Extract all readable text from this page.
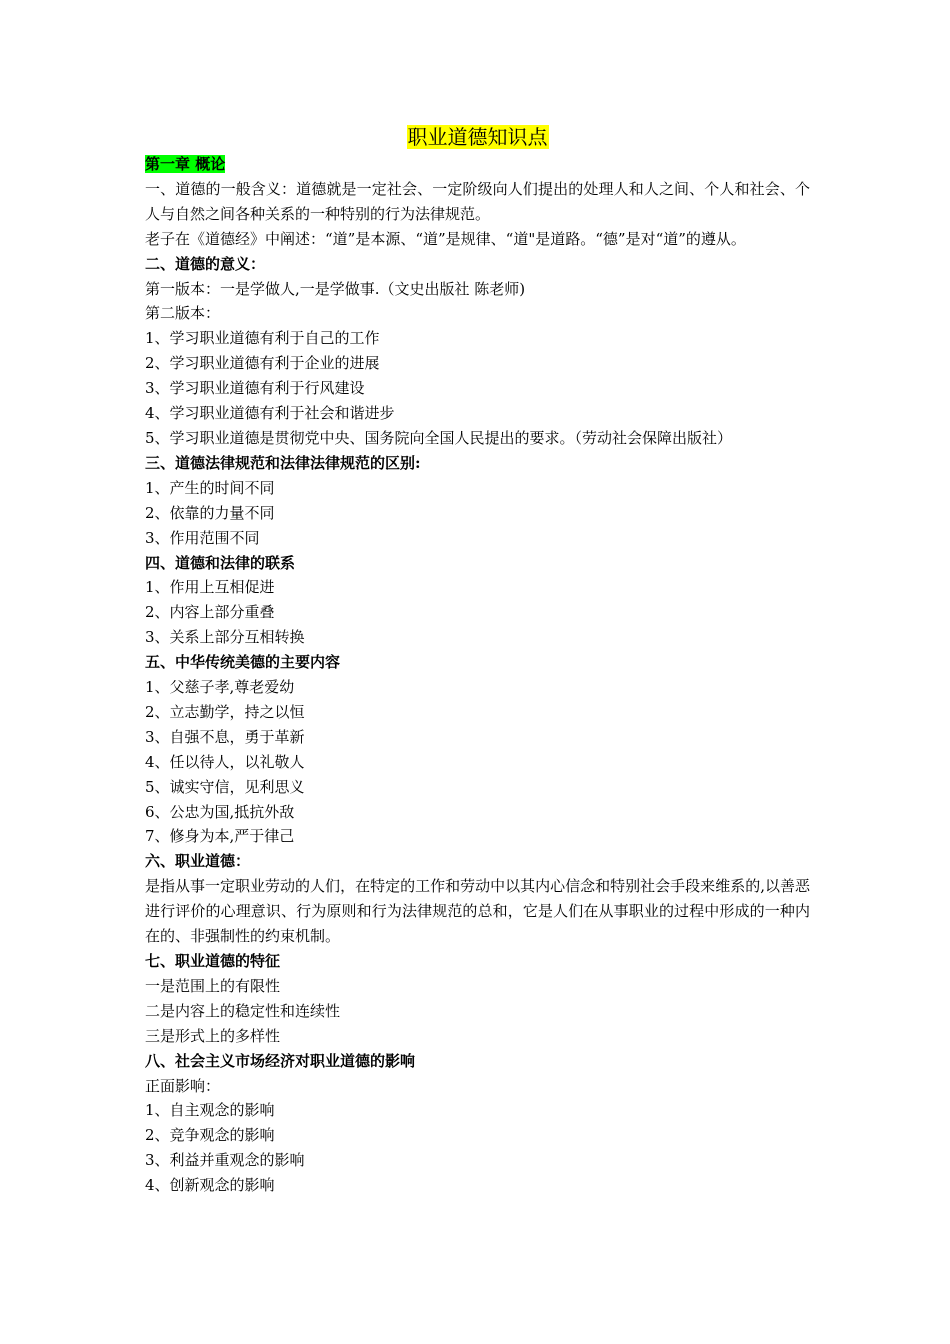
职业道德知识点
第一章 概论
一、道德的一般含义：道德就是一定社会、一定阶级向人们提出的处理人和人之间、个人和社会、个人与自然之间各种关系的一种特别的行为法律规范。
老子在《道德经》中阐述：“道”是本源、“道”是规律、“道"是道路。“德”是对“道”的遵从。
二、道德的意义：
第一版本：一是学做人,一是学做事.（文史出版社 陈老师)
第二版本：
1、学习职业道德有利于自己的工作
2、学习职业道德有利于企业的进展
3、学习职业道德有利于行风建设
4、学习职业道德有利于社会和谐进步
5、学习职业道德是贯彻党中央、国务院向全国人民提出的要求。（劳动社会保障出版社）
三、道德法律规范和法律法律规范的区别:
1、产生的时间不同
2、依靠的力量不同
3、作用范围不同
四、道德和法律的联系
1、作用上互相促进
2、内容上部分重叠
3、关系上部分互相转换
五、中华传统美德的主要内容
1、父慈子孝,尊老爱幼
2、立志勤学，持之以恒
3、自强不息，勇于革新
4、任以待人，以礼敬人
5、诚实守信，见利思义
6、公忠为国,抵抗外敌
7、修身为本,严于律己
六、职业道德：
是指从事一定职业劳动的人们，在特定的工作和劳动中以其内心信念和特别社会手段来维系的,以善恶进行评价的心理意识、行为原则和行为法律规范的总和，它是人们在从事职业的过程中形成的一种内在的、非强制性的约束机制。
七、职业道德的特征
一是范围上的有限性
二是内容上的稳定性和连续性
三是形式上的多样性
八、社会主义市场经济对职业道德的影响
正面影响：
1、自主观念的影响
2、竞争观念的影响
3、利益并重观念的影响
4、创新观念的影响
